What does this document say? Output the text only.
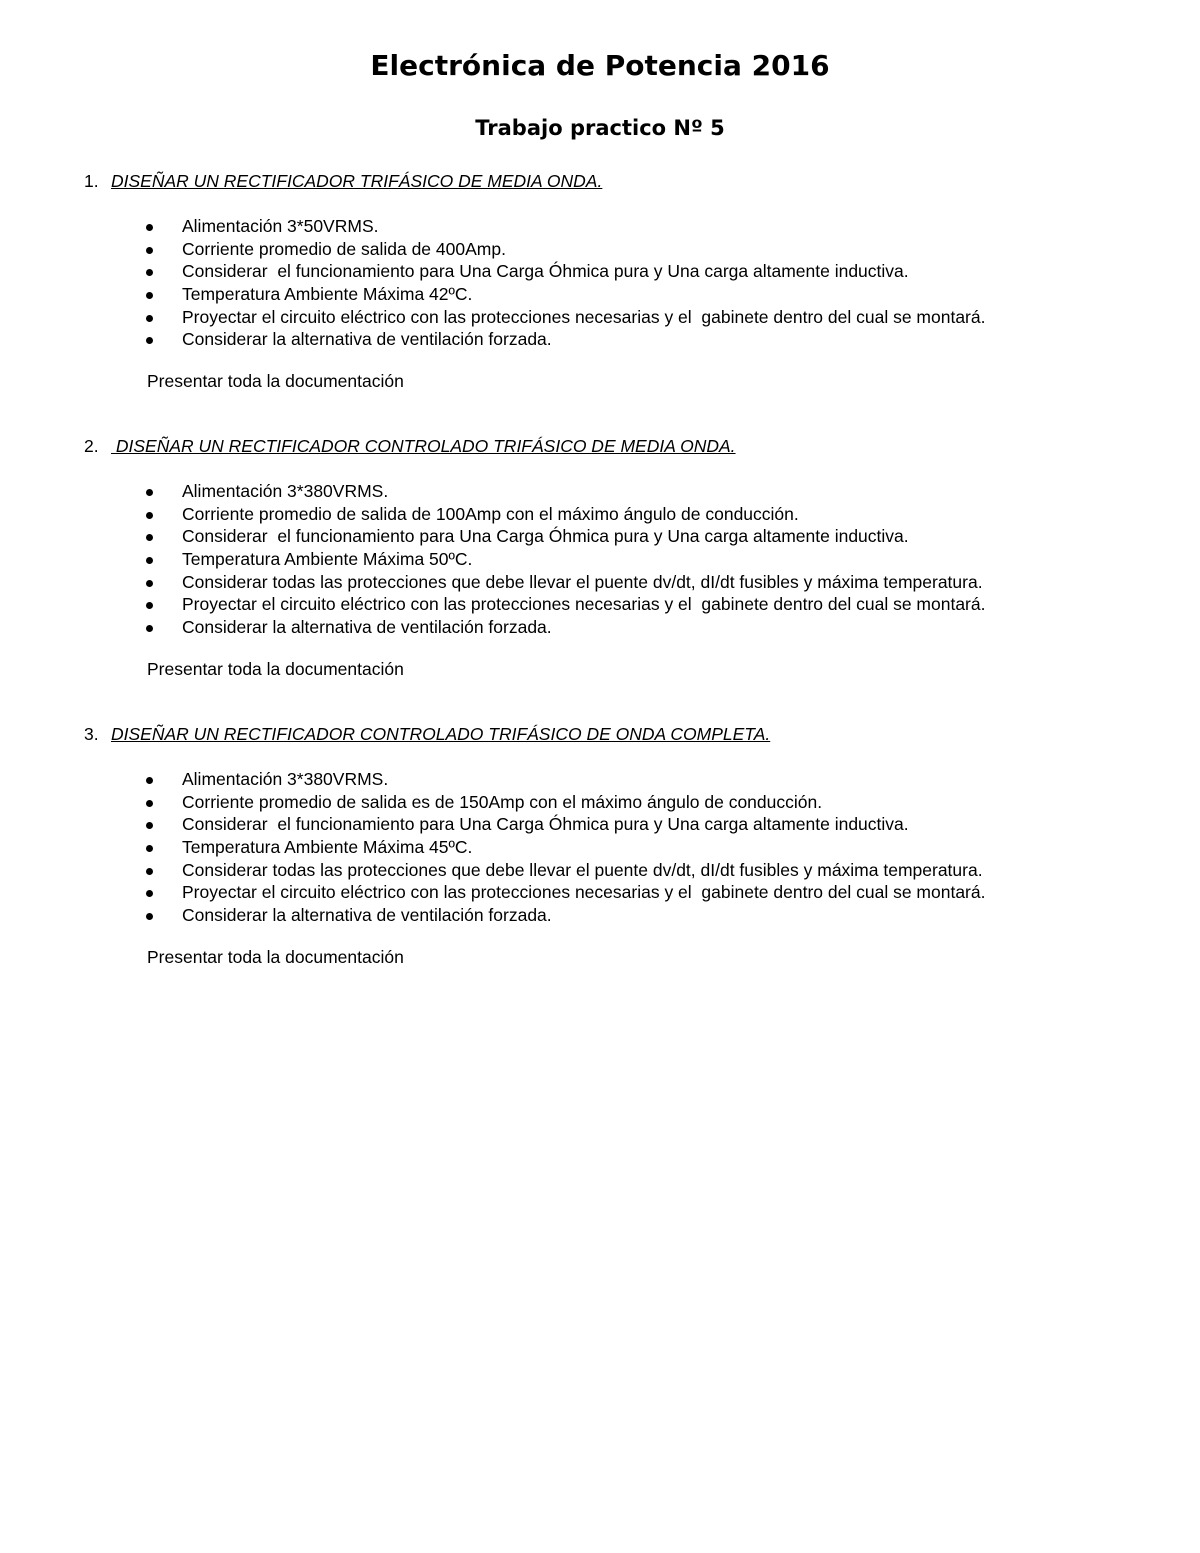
Electrónica de Potencia 2016
Trabajo practico Nº 5
1. DISEÑAR UN RECTIFICADOR TRIFÁSICO DE MEDIA ONDA.
Alimentación 3*50VRMS.
Corriente promedio de salida de 400Amp.
Considerar  el funcionamiento para Una Carga Óhmica pura y Una carga altamente inductiva.
Temperatura Ambiente Máxima 42ºC.
Proyectar el circuito eléctrico con las protecciones necesarias y el  gabinete dentro del cual se montará.
Considerar la alternativa de ventilación forzada.
Presentar toda la documentación
2. DISEÑAR UN RECTIFICADOR CONTROLADO TRIFÁSICO DE MEDIA ONDA.
Alimentación 3*380VRMS.
Corriente promedio de salida de 100Amp con el máximo ángulo de conducción.
Considerar  el funcionamiento para Una Carga Óhmica pura y Una carga altamente inductiva.
Temperatura Ambiente Máxima 50ºC.
Considerar todas las protecciones que debe llevar el puente dv/dt, dI/dt fusibles y máxima temperatura.
Proyectar el circuito eléctrico con las protecciones necesarias y el  gabinete dentro del cual se montará.
Considerar la alternativa de ventilación forzada.
Presentar toda la documentación
3. DISEÑAR UN RECTIFICADOR CONTROLADO TRIFÁSICO DE ONDA COMPLETA.
Alimentación 3*380VRMS.
Corriente promedio de salida es de 150Amp con el máximo ángulo de conducción.
Considerar  el funcionamiento para Una Carga Óhmica pura y Una carga altamente inductiva.
Temperatura Ambiente Máxima 45ºC.
Considerar todas las protecciones que debe llevar el puente dv/dt, dI/dt fusibles y máxima temperatura.
Proyectar el circuito eléctrico con las protecciones necesarias y el  gabinete dentro del cual se montará.
Considerar la alternativa de ventilación forzada.
Presentar toda la documentación
